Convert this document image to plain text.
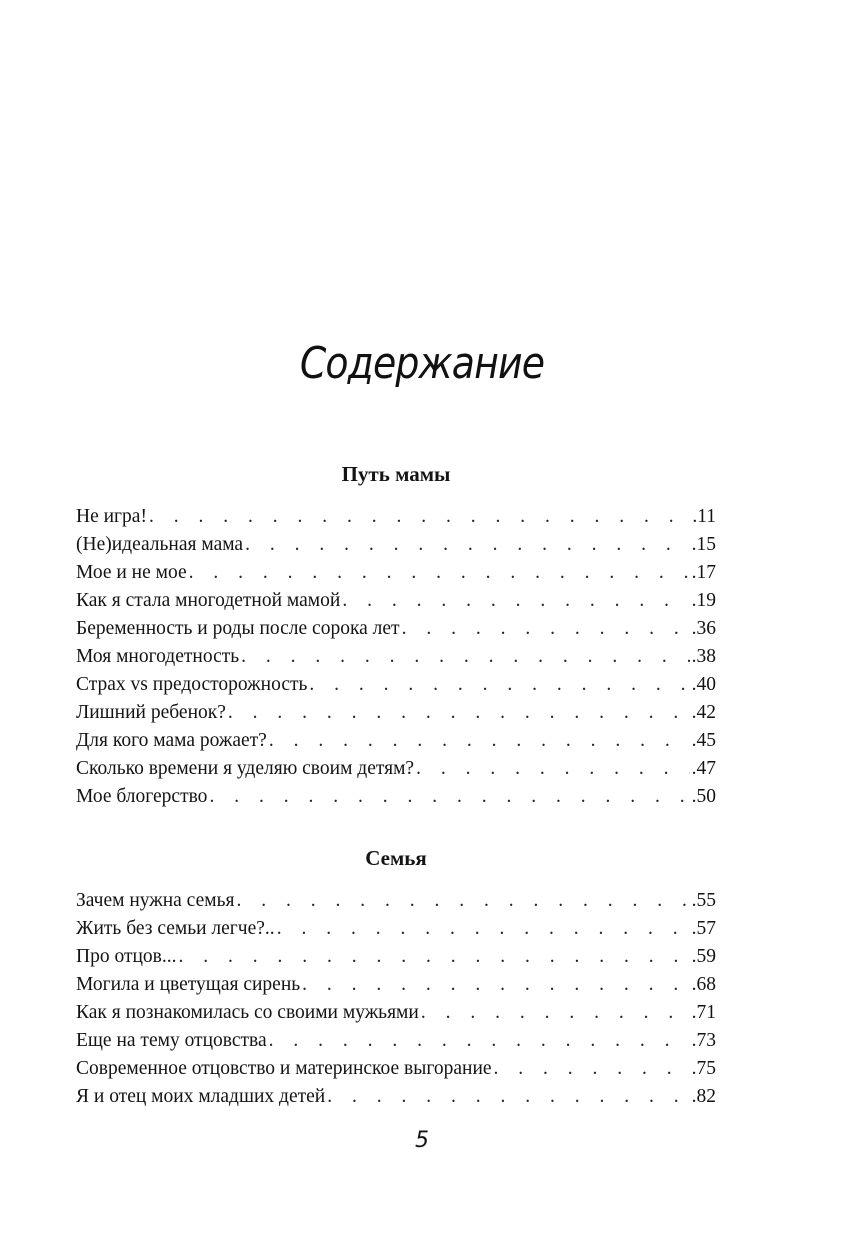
Содержание
Путь мамы
Не игра! . . .	.11
(Не)идеальная мама . . .	.15
Мое и не мое . . .	.17
Как я стала многодетной мамой . . .	.19
Беременность и роды после сорока лет . . .	.36
Моя многодетность . . .	.38
Страх vs предосторожность . . .	.40
Лишний ребенок? . . .	.42
Для кого мама рожает? . . .	.45
Сколько времени я уделяю своим детям? . . .	.47
Мое блогерство . . .	.50
Семья
Зачем нужна семья . . .	.55
Жить без семьи легче?.. . . .	.57
Про отцов... . . .	.59
Могила и цветущая сирень . . .	.68
Как я познакомилась со своими мужьями . . .	.71
Еще на тему отцовства . . .	.73
Современное отцовство и материнское выгорание . . .	.75
Я и отец моих младших детей . . .	.82
5
